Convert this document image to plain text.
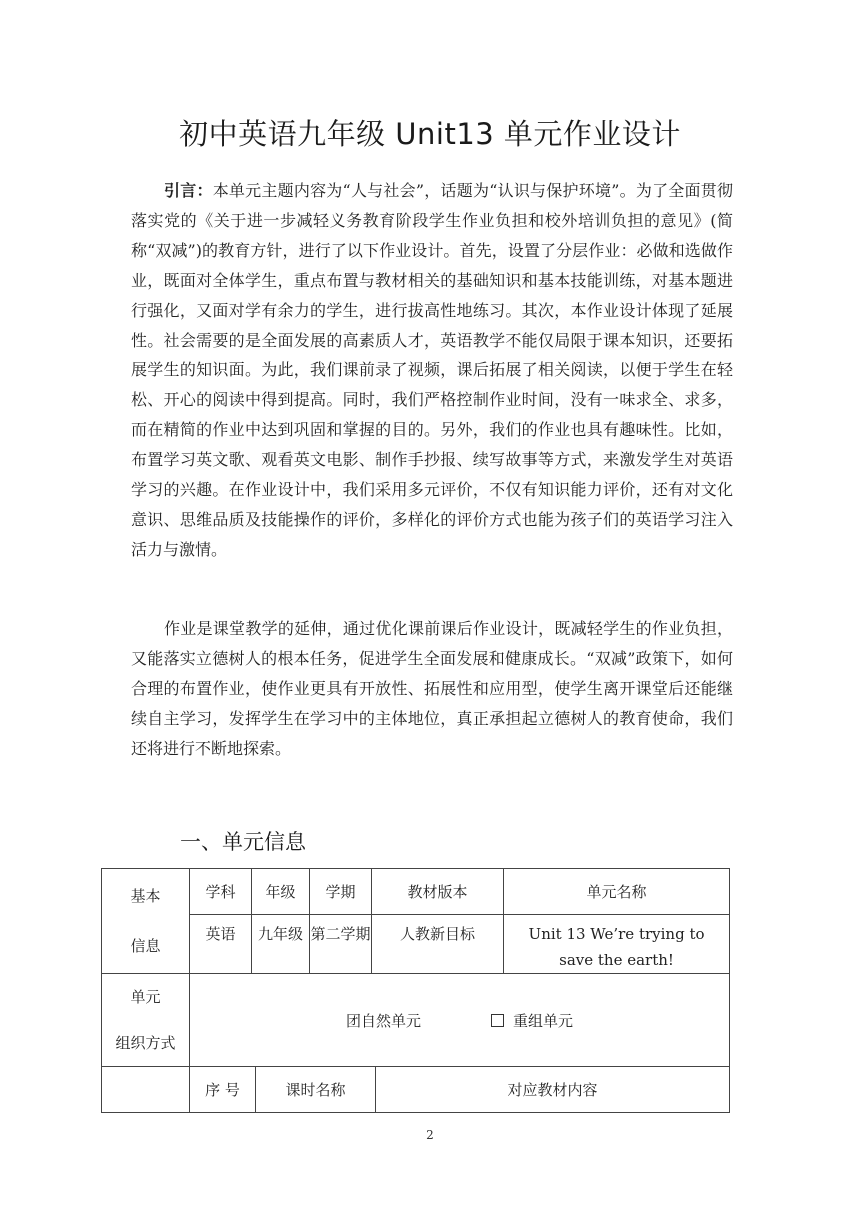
初中英语九年级 Unit13 单元作业设计
引言：本单元主题内容为“人与社会”，话题为“认识与保护环境”。为了全面贯彻落实党的《关于进一步减轻义务教育阶段学生作业负担和校外培训负担的意见》(简称“双减”)的教育方针，进行了以下作业设计。首先，设置了分层作业：必做和选做作业，既面对全体学生，重点布置与教材相关的基础知识和基本技能训练，对基本题进行强化，又面对学有余力的学生，进行拔高性地练习。其次，本作业设计体现了延展性。社会需要的是全面发展的高素质人才，英语教学不能仅局限于课本知识，还要拓展学生的知识面。为此，我们课前录了视频，课后拓展了相关阅读，以便于学生在轻松、开心的阅读中得到提高。同时，我们严格控制作业时间，没有一味求全、求多，而在精简的作业中达到巩固和掌握的目的。另外，我们的作业也具有趣味性。比如，布置学习英文歌、观看英文电影、制作手抄报、续写故事等方式，来激发学生对英语学习的兴趣。在作业设计中，我们采用多元评价，不仅有知识能力评价，还有对文化意识、思维品质及技能操作的评价，多样化的评价方式也能为孩子们的英语学习注入活力与激情。
作业是课堂教学的延伸，通过优化课前课后作业设计，既减轻学生的作业负担，又能落实立德树人的根本任务，促进学生全面发展和健康成长。“双减”政策下，如何合理的布置作业，使作业更具有开放性、拓展性和应用型，使学生离开课堂后还能继续自主学习，发挥学生在学习中的主体地位，真正承担起立德树人的教育使命，我们还将进行不断地探索。
一、单元信息
基本
信息	学科	年级		学期	教材版本		单元名称
	英语	九年级		第二学期	人教新目标		Unit 13 We’re trying to save the earth!

单元
组织方式	团自然单元 重组单元						
	序 号		课时名称			对应教材内容	
2
